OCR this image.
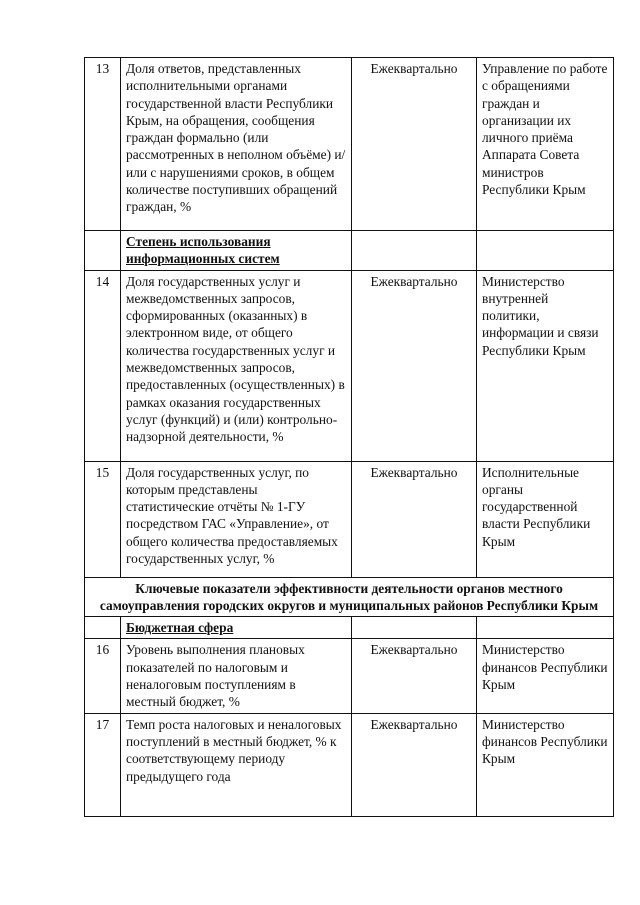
13	Доля ответов, представленных исполнительными органами государственной власти Республики Крым, на обращения, сообщения граждан формально (или рассмотренных в неполном объёме) и/или с нарушениями сроков, в общем количестве поступивших обращений граждан, %	Ежеквартально	Управление по работе с обращениями граждан и организации их личного приёма Аппарата Совета министров Республики Крым
	Степень использования информационных систем		
14	Доля государственных услуг и межведомственных запросов, сформированных (оказанных) в электронном виде, от общего количества государственных услуг и межведомственных запросов, предоставленных (осуществленных) в рамках оказания государственных услуг (функций) и (или) контрольно-надзорной деятельности, %	Ежеквартально	Министерство внутренней политики, информации и связи Республики Крым
15	Доля государственных услуг, по которым представлены статистические отчёты № 1-ГУ посредством ГАС «Управление», от общего количества предоставляемых государственных услуг, %	Ежеквартально	Исполнительные органы государственной власти Республики Крым
Ключевые показатели эффективности деятельности органов местного самоуправления городских округов и муниципальных районов Республики Крым			
	Бюджетная сфера		
16	Уровень выполнения плановых показателей по налоговым и неналоговым поступлениям в местный бюджет, %	Ежеквартально	Министерство финансов Республики Крым
17	Темп роста налоговых и неналоговых поступлений в местный бюджет, % к соответствующему периоду предыдущего года	Ежеквартально	Министерство финансов Республики Крым
